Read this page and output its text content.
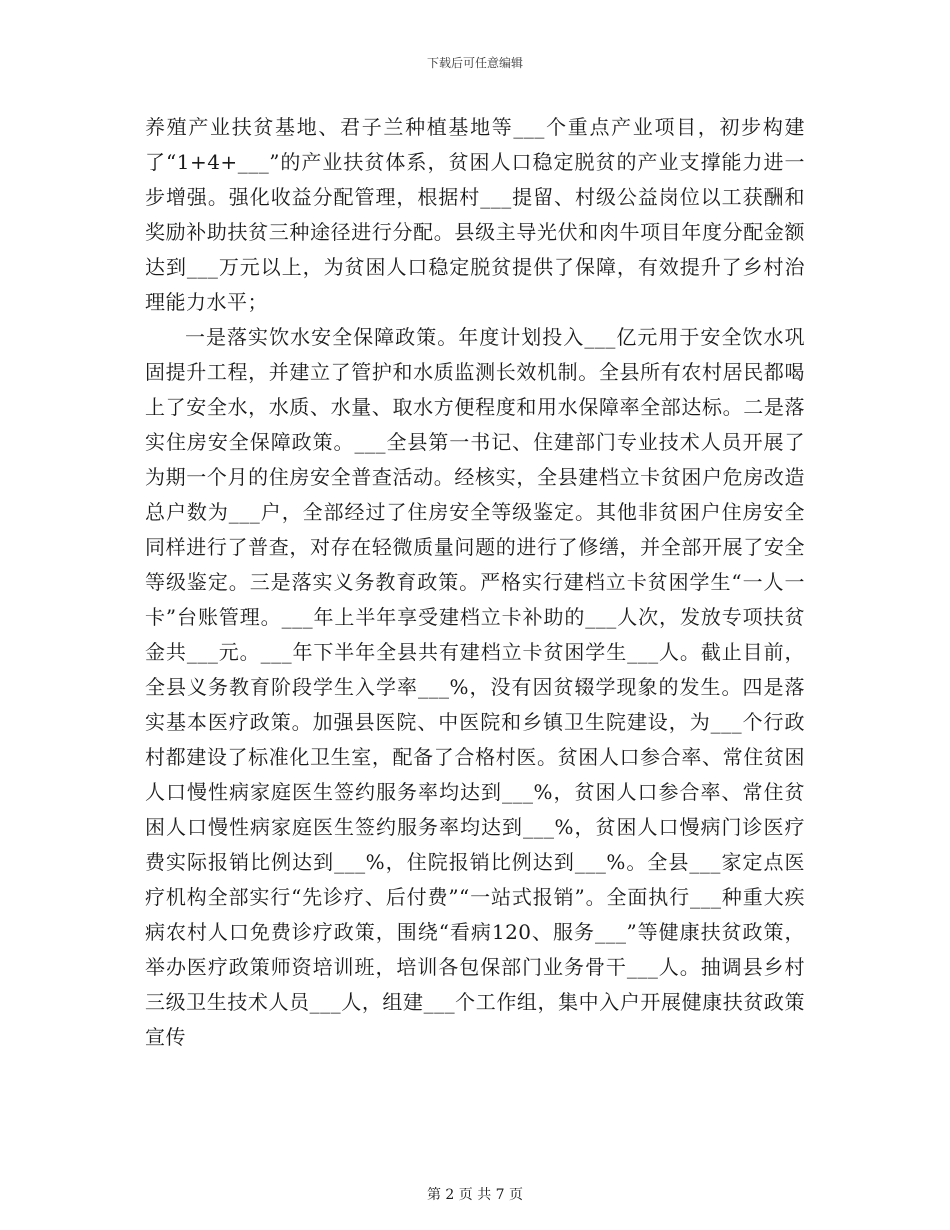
下载后可任意编辑

养殖产业扶贫基地、君子兰种植基地等___个重点产业项目，初步构建了“1+4+___”的产业扶贫体系，贫困人口稳定脱贫的产业支撑能力进一步增强。强化收益分配管理，根据村___提留、村级公益岗位以工获酬和奖励补助扶贫三种途径进行分配。县级主导光伏和肉牛项目年度分配金额达到___万元以上，为贫困人口稳定脱贫提供了保障，有效提升了乡村治理能力水平；

一是落实饮水安全保障政策。年度计划投入___亿元用于安全饮水巩固提升工程，并建立了管护和水质监测长效机制。全县所有农村居民都喝上了安全水，水质、水量、取水方便程度和用水保障率全部达标。二是落实住房安全保障政策。___全县第一书记、住建部门专业技术人员开展了为期一个月的住房安全普查活动。经核实，全县建档立卡贫困户危房改造总户数为___户，全部经过了住房安全等级鉴定。其他非贫困户住房安全同样进行了普查，对存在轻微质量问题的进行了修缮，并全部开展了安全等级鉴定。三是落实义务教育政策。严格实行建档立卡贫困学生“一人一卡”台账管理。___年上半年享受建档立卡补助的___人次，发放专项扶贫金共___元。___年下半年全县共有建档立卡贫困学生___人。截止目前，全县义务教育阶段学生入学率___%，没有因贫辍学现象的发生。四是落实基本医疗政策。加强县医院、中医院和乡镇卫生院建设，为___个行政村都建设了标准化卫生室，配备了合格村医。贫困人口参合率、常住贫困人口慢性病家庭医生签约服务率均达到___%，贫困人口参合率、常住贫困人口慢性病家庭医生签约服务率均达到___%，贫困人口慢病门诊医疗费实际报销比例达到___%，住院报销比例达到___%。全县___家定点医疗机构全部实行“先诊疗、后付费”“一站式报销”。全面执行___种重大疾病农村人口免费诊疗政策，围绕“看病120、服务___”等健康扶贫政策，举办医疗政策师资培训班，培训各包保部门业务骨干___人。抽调县乡村三级卫生技术人员___人，组建___个工作组，集中入户开展健康扶贫政策宣传

第 2 页 共 7 页
